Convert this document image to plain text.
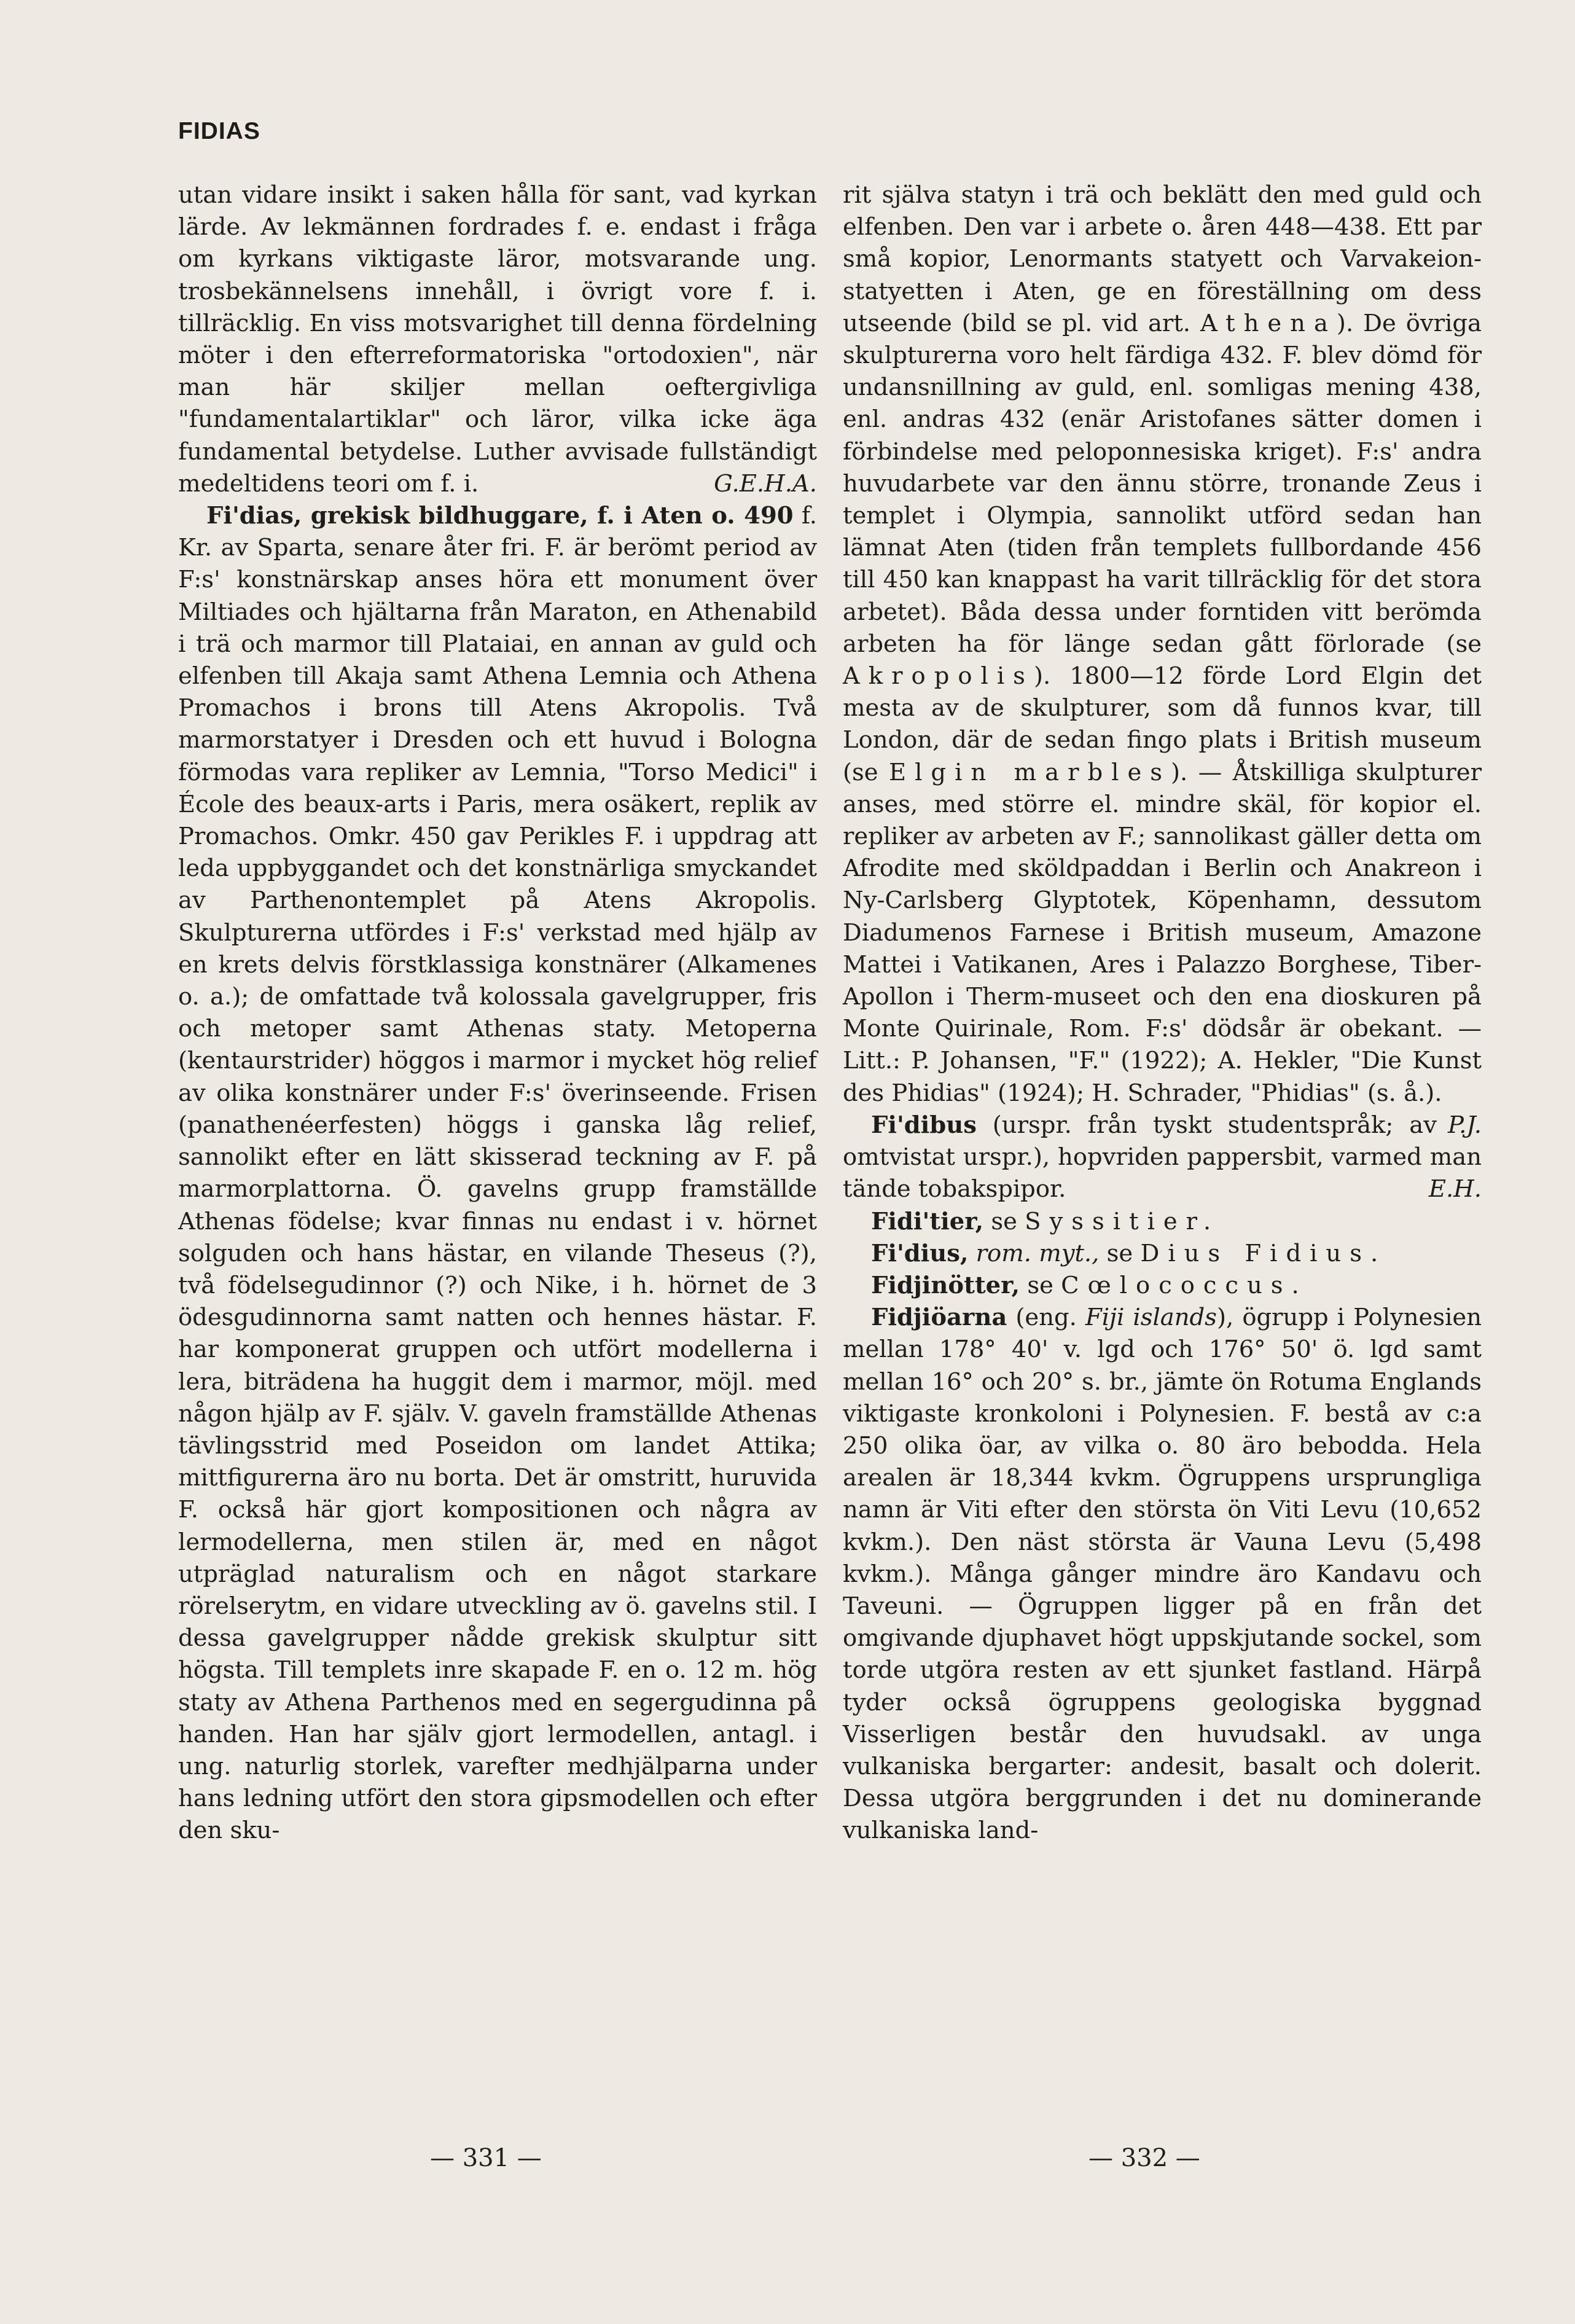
FIDIAS

utan vidare insikt i saken hålla för sant, vad kyrkan lärde. Av lekmännen fordrades f. e. endast i fråga om kyrkans viktigaste läror, motsvarande ung. trosbekännelsens innehåll, i övrigt vore f. i. tillräcklig. En viss motsvarighet till denna fördelning möter i den efterreformatoriska "ortodoxien", när man här skiljer mellan oeftergivliga "fundamentalartiklar" och läror, vilka icke äga fundamental betydelse. Luther avvisade fullständigt medeltidens teori om f. i.	G.E.H.A.

Fi'dias, grekisk bildhuggare, f. i Aten o. 490 f. Kr. av Sparta, senare åter fri. F. är berömt period av F:s' konstnärskap anses höra ett monument över Miltiades och hjältarna från Maraton, en Athenabild i trä och marmor till Plataiai, en annan av guld och elfenben till Akaja samt Athena Lemnia och Athena Promachos i brons till Atens Akropolis. Två marmorstatyer i Dresden och ett huvud i Bologna förmodas vara repliker av Lemnia, "Torso Medici" i École des beaux-arts i Paris, mera osäkert, replik av Promachos. Omkr. 450 gav Perikles F. i uppdrag att leda uppbyggandet och det konstnärliga smyckandet av Parthenontemplet på Atens Akropolis. Skulpturerna utfördes i F:s' verkstad med hjälp av en krets delvis förstklassiga konstnärer (Alkamenes o. a.); de omfattade två kolossala gavelgrupper, fris och metoper samt Athenas staty. Metoperna (kentaurstrider) höggos i marmor i mycket hög relief av olika konstnärer under F:s' överinseende. Frisen (panathenéerfesten) höggs i ganska låg relief, sannolikt efter en lätt skisserad teckning av F. på marmorplattorna. Ö. gavelns grupp framställde Athenas födelse; kvar finnas nu endast i v. hörnet solguden och hans hästar, en vilande Theseus (?), två födelsegudinnor (?) och Nike, i h. hörnet de 3 ödesgudinnorna samt natten och hennes hästar. F. har komponerat gruppen och utfört modellerna i lera, biträdena ha huggit dem i marmor, möjl. med någon hjälp av F. själv. V. gaveln framställde Athenas tävlingsstrid med Poseidon om landet Attika; mittfigurerna äro nu borta. Det är omstritt, huruvida F. också här gjort kompositionen och några av lermodellerna, men stilen är, med en något utpräglad naturalism och en något starkare rörelserytm, en vidare utveckling av ö. gavelns stil. I dessa gavelgrupper nådde grekisk skulptur sitt högsta. Till templets inre skapade F. en o. 12 m. hög staty av Athena Parthenos med en segergudinna på handen. Han har själv gjort lermodellen, antagl. i ung. naturlig storlek, varefter medhjälparna under hans ledning utfört den stora gipsmodellen och efter den sku-

rit själva statyn i trä och beklätt den med guld och elfenben. Den var i arbete o. åren 448—438. Ett par små kopior, Lenormants statyett och Varvakeion-statyetten i Aten, ge en föreställning om dess utseende (bild se pl. vid art. Athena). De övriga skulpturerna voro helt färdiga 432. F. blev dömd för undansnillning av guld, enl. somligas mening 438, enl. andras 432 (enär Aristofanes sätter domen i förbindelse med peloponnesiska kriget). F:s' andra huvudarbete var den ännu större, tronande Zeus i templet i Olympia, sannolikt utförd sedan han lämnat Aten (tiden från templets fullbordande 456 till 450 kan knappast ha varit tillräcklig för det stora arbetet). Båda dessa under forntiden vitt berömda arbeten ha för länge sedan gått förlorade (se Akropolis). 1800—12 förde Lord Elgin det mesta av de skulpturer, som då funnos kvar, till London, där de sedan fingo plats i British museum (se Elgin marbles). — Åtskilliga skulpturer anses, med större el. mindre skäl, för kopior el. repliker av arbeten av F.; sannolikast gäller detta om Afrodite med sköldpaddan i Berlin och Anakreon i Ny-Carlsberg Glyptotek, Köpenhamn, dessutom Diadumenos Farnese i British museum, Amazone Mattei i Vatikanen, Ares i Palazzo Borghese, Tiber-Apollon i Therm-museet och den ena dioskuren på Monte Quirinale, Rom. F:s' dödsår är obekant. — Litt.: P. Johansen, "F." (1922); A. Hekler, "Die Kunst des Phidias" (1924); H. Schrader, "Phidias" (s. å.).
P.J.

Fi'dibus (urspr. från tyskt studentspråk; av omtvistat urspr.), hopvriden pappersbit, varmed man tände tobakspipor.	E.H.

Fidi'tier, se Syssitier.

Fi'dius, rom. myt., se Dius Fidius.

Fidjinötter, se Cœlococcus.

Fidjiöarna (eng. Fiji islands), ögrupp i Polynesien mellan 178° 40' v. lgd och 176° 50' ö. lgd samt mellan 16° och 20° s. br., jämte ön Rotuma Englands viktigaste kronkoloni i Polynesien. F. bestå av c:a 250 olika öar, av vilka o. 80 äro bebodda. Hela arealen är 18,344 kvkm. Ögruppens ursprungliga namn är Viti efter den största ön Viti Levu (10,652 kvkm.). Den näst största är Vauna Levu (5,498 kvkm.). Många gånger mindre äro Kandavu och Taveuni. — Ögruppen ligger på en från det omgivande djuphavet högt uppskjutande sockel, som torde utgöra resten av ett sjunket fastland. Härpå tyder också ögruppens geologiska byggnad Visserligen består den huvudsakl. av unga vulkaniska bergarter: andesit, basalt och dolerit. Dessa utgöra berggrunden i det nu dominerande vulkaniska land-

— 331 —	— 332 —
